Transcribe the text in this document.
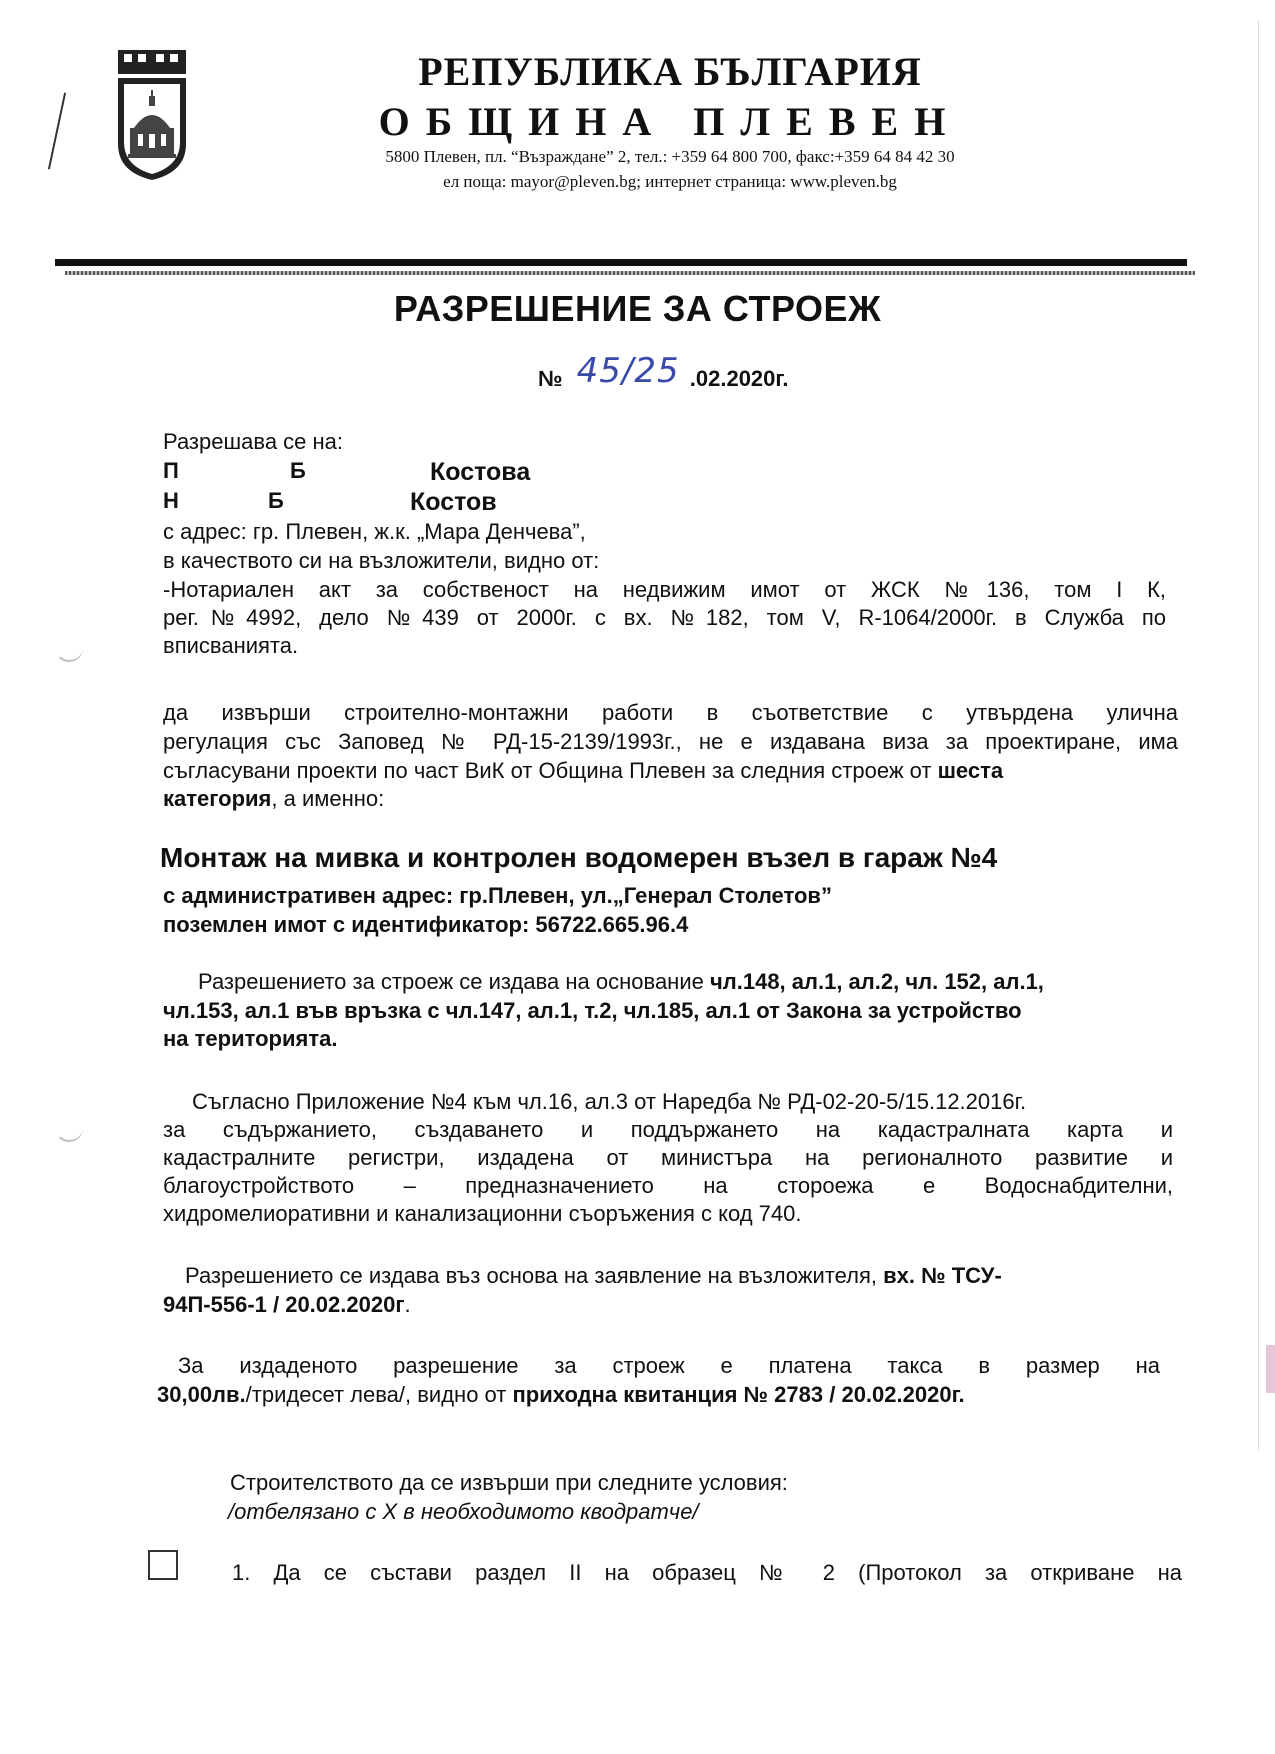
РЕПУБЛИКА БЪЛГАРИЯ
ОБЩИНА ПЛЕВЕН
5800 Плевен, пл. “Възраждане” 2, тел.: +359 64 800 700, факс:+359 64 84 42 30
ел поща: mayor@pleven.bg; интернет страница: www.pleven.bg
РАЗРЕШЕНИЕ ЗА СТРОЕЖ
№ 45/25 .02.2020г.
Разрешава се на:
П	Б	Костова
Н	Б	Костов
с адрес: гр. Плевен, ж.к. „Мара Денчева”,
в качеството си на възложители, видно от:
-Нотариален акт за собственост на недвижим имот от ЖСК №136, том I К,
рег.№4992, дело №439 от 2000г. с вх. №182, том V, R-1064/2000г. в Служба по
вписванията.
да извърши строително-монтажни работи в съответствие с утвърдена улична
регулация със Заповед № РД-15-2139/1993г., не е издавана виза за проектиране, има
съгласувани проекти по част ВиК от Община Плевен за следния строеж от шеста
категория, а именно:
Монтаж на мивка и контролен водомерен възел в гараж №4
с административен адрес: гр.Плевен, ул.„Генерал Столетов”
поземлен имот с идентификатор: 56722.665.96.4
Разрешението за строеж се издава на основание чл.148, ал.1, ал.2, чл. 152, ал.1,
чл.153, ал.1 във връзка с чл.147, ал.1, т.2, чл.185, ал.1 от Закона за устройство
на територията.
Съгласно Приложение №4 към чл.16, ал.3 от Наредба № РД-02-20-5/15.12.2016г.
за съдържанието, създаването и поддържането на кадастралната карта и
кадастралните регистри, издадена от министъра на регионалното развитие и
благоустройството – предназначението на стороежа е Водоснабдителни,
хидромелиоративни и канализационни съоръжения с код 740.
Разрешението се издава въз основа на заявление на възложителя, вх. № ТСУ-
94П-556-1 / 20.02.2020г.
За издаденото разрешение за строеж е платена такса в размер на
30,00лв./тридесет лева/, видно от приходна квитанция № 2783 / 20.02.2020г.
Строителството да се извърши при следните условия:
/отбелязано с Х в необходимото кводратче/
1. Да се състави раздел II на образец № 2 (Протокол за откриване на
